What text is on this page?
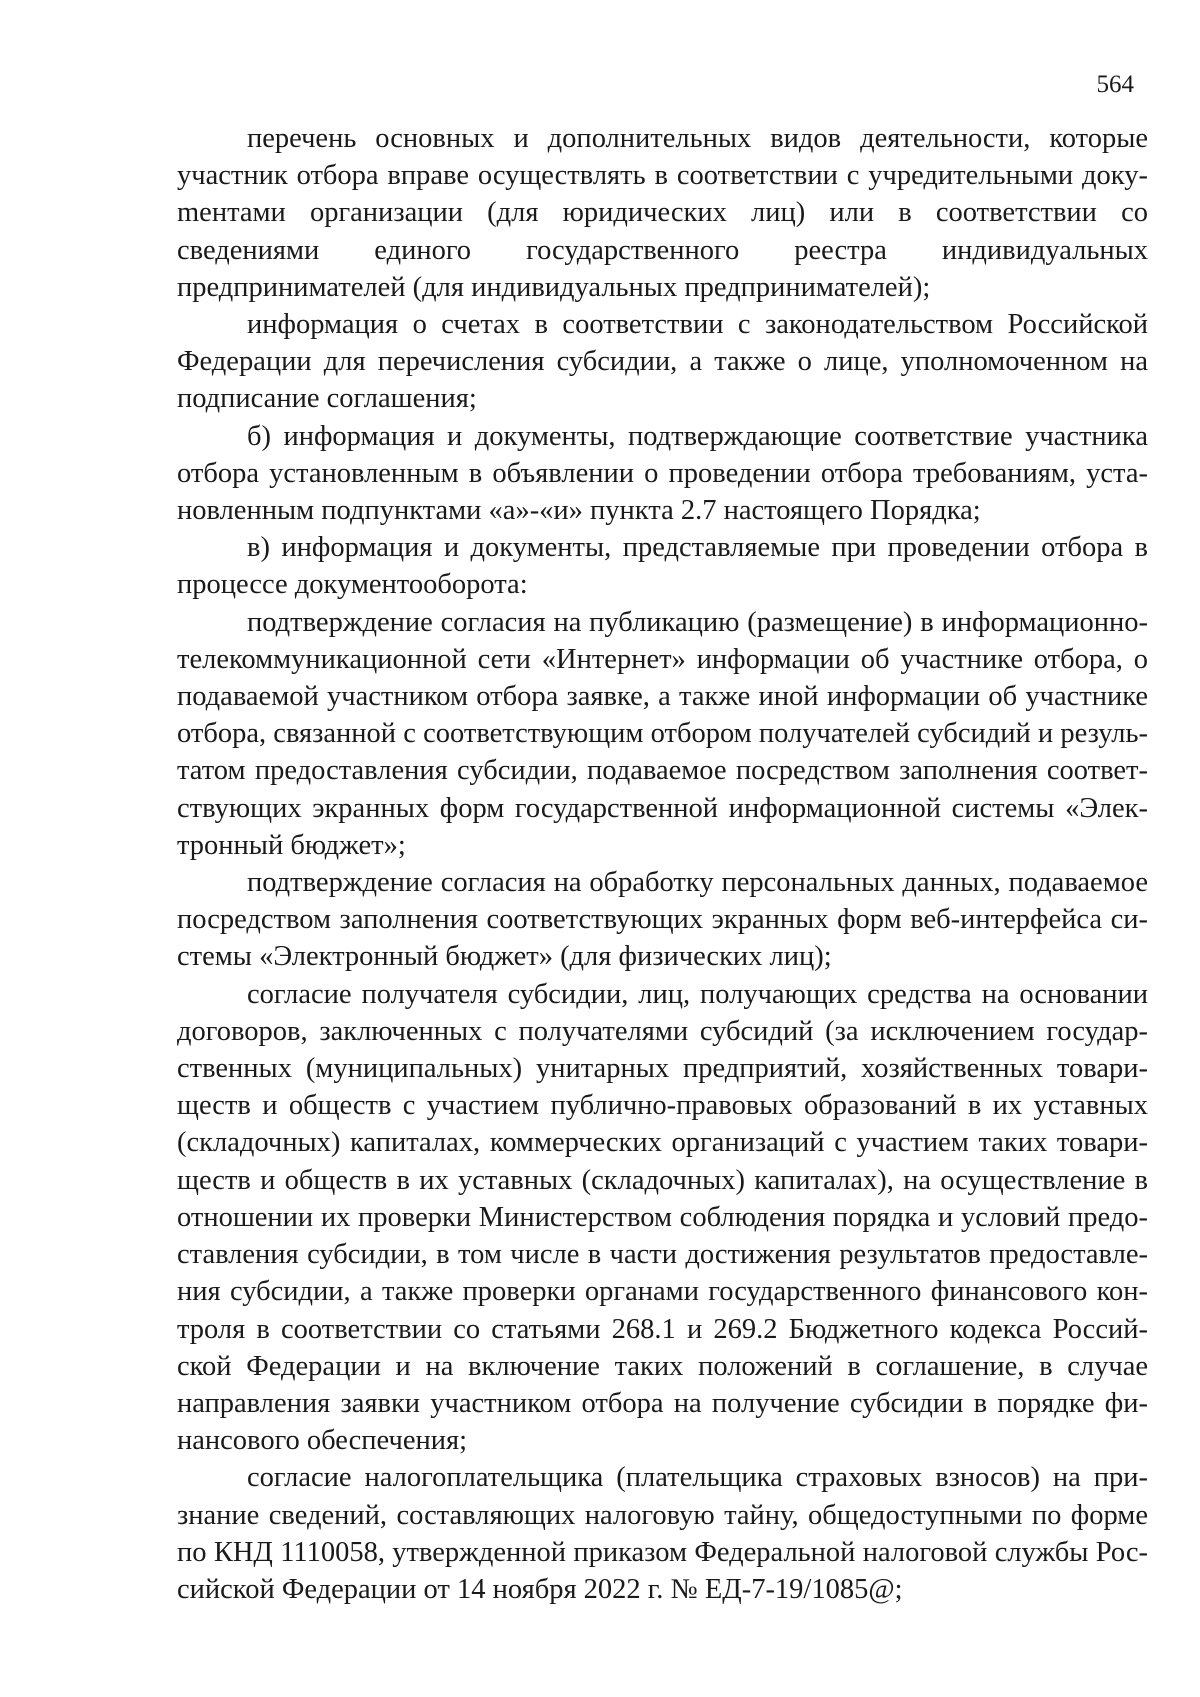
564

перечень основных и дополнительных видов деятельности, которые участник отбора вправе осуществлять в соответствии с учредительными докуmентами организации (для юридических лиц) или в соответствии со сведениями единого государственного реестра индивидуальных предпринимателей (для индивидуальных предпринимателей);

информация о счетах в соответствии с законодательством Российской Федерации для перечисления субсидии, а также о лице, уполномоченном на подписание соглашения;

б) информация и документы, подтверждающие соответствие участника отбора установленным в объявлении о проведении отбора требованиям, установленным подпунктами «а»-«и» пункта 2.7 настоящего Порядка;

в) информация и документы, представляемые при проведении отбора в процессе документооборота:

подтверждение согласия на публикацию (размещение) в информационно-телекоммуникационной сети «Интернет» информации об участнике отбора, о подаваемой участником отбора заявке, а также иной информации об участнике отбора, связанной с соответствующим отбором получателей субсидий и результатом предоставления субсидии, подаваемое посредством заполнения соответствующих экранных форм государственной информационной системы «Электронный бюджет»;

подтверждение согласия на обработку персональных данных, подаваемое посредством заполнения соответствующих экранных форм веб-интерфейса системы «Электронный бюджет» (для физических лиц);

согласие получателя субсидии, лиц, получающих средства на основании договоров, заключенных с получателями субсидий (за исключением государственных (муниципальных) унитарных предприятий, хозяйственных товариществ и обществ с участием публично-правовых образований в их уставных (складочных) капиталах, коммерческих организаций с участием таких товариществ и обществ в их уставных (складочных) капиталах), на осуществление в отношении их проверки Министерством соблюдения порядка и условий предоставления субсидии, в том числе в части достижения результатов предоставления субсидии, а также проверки органами государственного финансового контроля в соответствии со статьями 268.1 и 269.2 Бюджетного кодекса Российской Федерации и на включение таких положений в соглашение, в случае направления заявки участником отбора на получение субсидии в порядке финансового обеспечения;

согласие налогоплательщика (плательщика страховых взносов) на признание сведений, составляющих налоговую тайну, общедоступными по форме по КНД 1110058, утвержденной приказом Федеральной налоговой службы Российской Федерации от 14 ноября 2022 г. № ЕД-7-19/1085@;
